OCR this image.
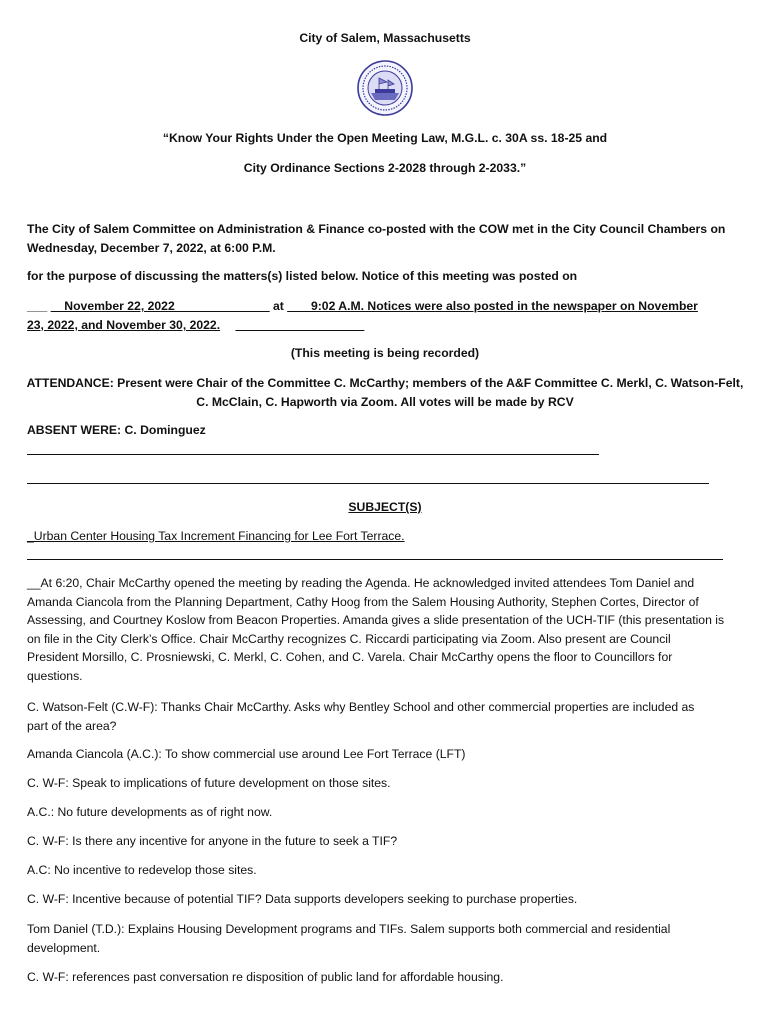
City of Salem, Massachusetts
“Know Your Rights Under the Open Meeting Law, M.G.L. c. 30A ss. 18-25 and
City Ordinance Sections 2-2028 through 2-2033.”
The City of Salem Committee on Administration & Finance co-posted with the COW met in the City Council Chambers on
Wednesday, December 7, 2022, at 6:00 P.M.
for the purpose of discussing the matters(s) listed below. Notice of this meeting was posted on
___ __November 22, 2022______________ at ___ 9:02 A.M. Notices were also posted in the newspaper on November
23, 2022, and November 30, 2022. ___________________
(This meeting is being recorded)
ATTENDANCE: Present were Chair of the Committee C. McCarthy; members of the A&F Committee C. Merkl, C. Watson-Felt,
C. McClain, C. Hapworth via Zoom. All votes will be made by RCV
ABSENT WERE: C. Dominguez
SUBJECT(S)
_Urban Center Housing Tax Increment Financing for Lee Fort Terrace.
__At 6:20, Chair McCarthy opened the meeting by reading the Agenda. He acknowledged invited attendees Tom Daniel and
Amanda Ciancola from the Planning Department, Cathy Hoog from the Salem Housing Authority, Stephen Cortes, Director of
Assessing, and Courtney Koslow from Beacon Properties. Amanda gives a slide presentation of the UCH-TIF (this presentation is
on file in the City Clerk’s Office. Chair McCarthy recognizes C. Riccardi participating via Zoom. Also present are Council
President Morsillo, C. Prosniewski, C. Merkl, C. Cohen, and C. Varela. Chair McCarthy opens the floor to Councillors for
questions.
C. Watson-Felt (C.W-F): Thanks Chair McCarthy. Asks why Bentley School and other commercial properties are included as
part of the area?
Amanda Ciancola (A.C.): To show commercial use around Lee Fort Terrace (LFT)
C. W-F: Speak to implications of future development on those sites.
A.C.: No future developments as of right now.
C. W-F: Is there any incentive for anyone in the future to seek a TIF?
A.C: No incentive to redevelop those sites.
C. W-F: Incentive because of potential TIF? Data supports developers seeking to purchase properties.
Tom Daniel (T.D.): Explains Housing Development programs and TIFs. Salem supports both commercial and residential
development.
C. W-F: references past conversation re disposition of public land for affordable housing.
